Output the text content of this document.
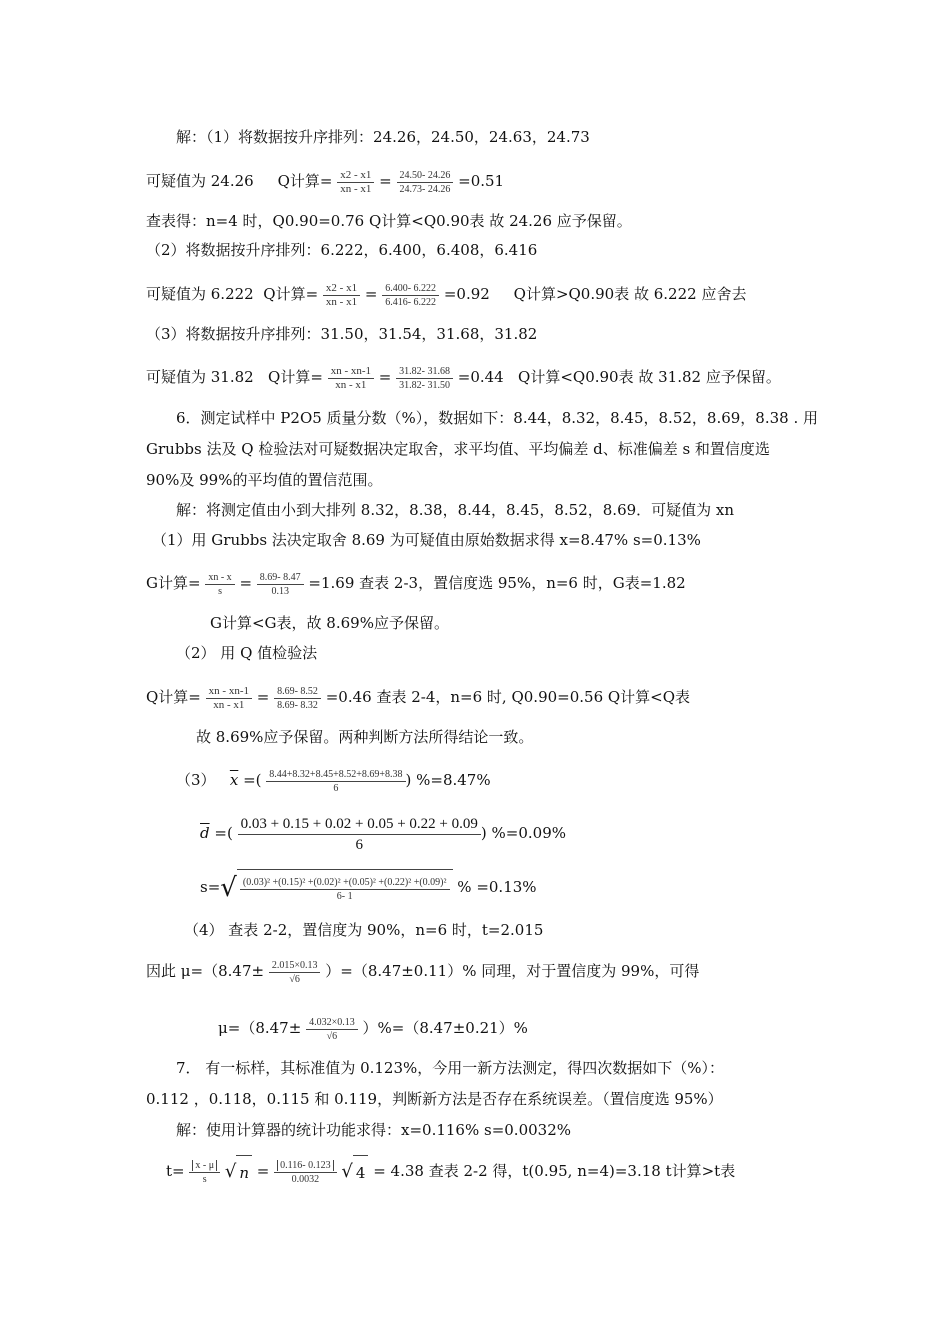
解：（1）将数据按升序排列：24.26，24.50，24.63，24.73
可疑值为 24.26 Q计算= $\frac{x2 - x1}{xn - x1} = \frac{24.50- 24.26}{24.73- 24.26} =0.51$
查表得：n=4 时，Q0.90=0.76 Q计算<Q0.90表 故 24.26 应予保留。
（2）将数据按升序排列：6.222，6.400，6.408，6.416
可疑值为 6.222 Q计算= $\frac{x2 - x1}{xn - x1} = \frac{6.400- 6.222}{6.416- 6.222} =0.92$ Q计算>Q0.90表 故 6.222 应舍去
（3）将数据按升序排列：31.50，31.54，31.68，31.82
可疑值为 31.82 Q计算= $\frac{xn - xn-1}{xn - x1} = \frac{31.82- 31.68}{31.82- 31.50} =0.44$ Q计算<Q0.90表 故 31.82 应予保留。
6．测定试样中 P2O5 质量分数（%），数据如下：8.44，8.32，8.45，8.52，8.69，8.38 . 用
Grubbs 法及 Q 检验法对可疑数据决定取舍，求平均值、平均偏差 d、标准偏差 s 和置信度选
90%及 99%的平均值的置信范围。
解：将测定值由小到大排列 8.32，8.38，8.44，8.45，8.52，8.69．可疑值为 xn
（1）用 Grubbs 法决定取舍 8.69 为可疑值由原始数据求得 x=8.47% s=0.13%
G计算= $\frac{xn - x}{s} = \frac{8.69- 8.47}{0.13} =1.69$ 查表 2-3，置信度选 95%，n=6 时，G表=1.82
G计算<G表，故 8.69%应予保留。
（2） 用 Q 值检验法
Q计算= $\frac{xn - xn-1}{xn - x1} = \frac{8.69- 8.52}{8.69- 8.32} =0.46$ 查表 2-4，n=6 时, Q0.90=0.56 Q计算<Q表
故 8.69%应予保留。两种判断方法所得结论一致。
（3） $\overline{x}$ =( $\frac{8.44+8.32+8.45+8.52+8.69+8.38}{6}$ ) %=8.47%
$\overline{d}$ =( $\frac{0.03 + 0.15 + 0.02 + 0.05 + 0.22 + 0.09}{6}$ ) %=0.09%
$s=√ \frac{\text{(0.03)² +(0.15)² +(0.02)² +(0.05)² +(0.22)² +(0.09)²}}{6- 1}$ % =0.13%
（4） 查表 2-2，置信度为 90%，n=6 时，t=2.015
因此 $\mu=(8.47\pm \frac{2.015\times 0.13}{√6} )=(8.47\pm 0.11)\%$ 同理，对于置信度为 99%，可得
$\mu=(8.47\pm \frac{4.032\times 0.13}{√6} )\%=(8.47\pm 0.21)\%$
7． 有一标样，其标准值为 0.123%，今用一新方法测定，得四次数据如下（%）：
0.112 ，0.118，0.115 和 0.119，判断新方法是否存在系统误差。（置信度选 95%）
解：使用计算器的统计功能求得：x=0.116% s=0.0032%
$t= \frac{x - \mu}{s}$ √ $n = \frac{0.116- 0.123}{0.0032}$ √ 4 = 4.38 查表 2-2 得，t(0.95, n=4)=3.18 t计算>t表
